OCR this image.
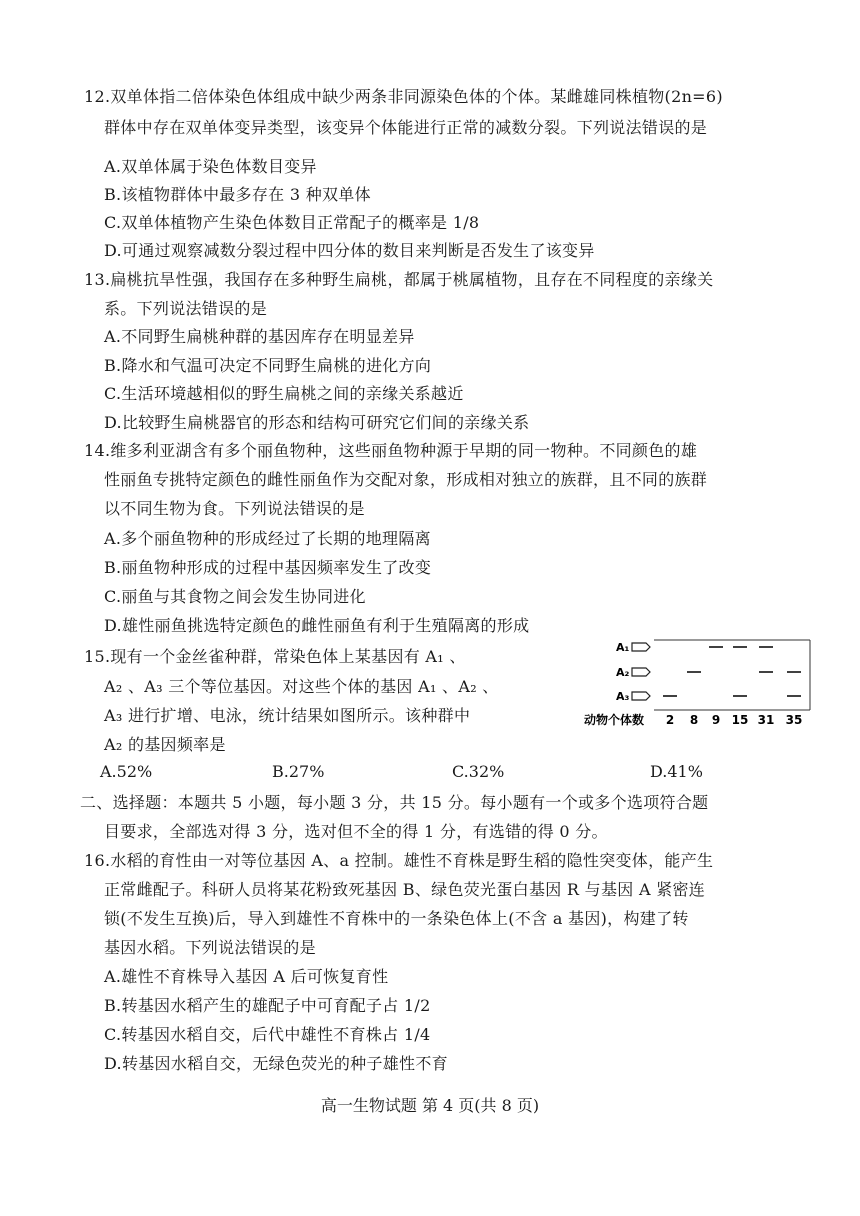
12.双单体指二倍体染色体组成中缺少两条非同源染色体的个体。某雌雄同株植物(2n=6)
群体中存在双单体变异类型，该变异个体能进行正常的减数分裂。下列说法错误的是
A.双单体属于染色体数目变异
B.该植物群体中最多存在 3 种双单体
C.双单体植物产生染色体数目正常配子的概率是 1/8
D.可通过观察减数分裂过程中四分体的数目来判断是否发生了该变异
13.扁桃抗旱性强，我国存在多种野生扁桃，都属于桃属植物，且存在不同程度的亲缘关
系。下列说法错误的是
A.不同野生扁桃种群的基因库存在明显差异
B.降水和气温可决定不同野生扁桃的进化方向
C.生活环境越相似的野生扁桃之间的亲缘关系越近
D.比较野生扁桃器官的形态和结构可研究它们间的亲缘关系
14.维多利亚湖含有多个丽鱼物种，这些丽鱼物种源于早期的同一物种。不同颜色的雄
性丽鱼专挑特定颜色的雌性丽鱼作为交配对象，形成相对独立的族群，且不同的族群
以不同生物为食。下列说法错误的是
A.多个丽鱼物种的形成经过了长期的地理隔离
B.丽鱼物种形成的过程中基因频率发生了改变
C.丽鱼与其食物之间会发生协同进化
D.雄性丽鱼挑选特定颜色的雌性丽鱼有利于生殖隔离的形成
15.现有一个金丝雀种群，常染色体上某基因有 A₁ 、
A₂ 、A₃ 三个等位基因。对这些个体的基因 A₁ 、A₂ 、
A₃ 进行扩增、电泳，统计结果如图所示。该种群中
A₂ 的基因频率是
A.52%	B.27%	C.32%	D.41%
A₁
A₂
A₃
动物个体数 2 8 9 15 31 35
二、选择题：本题共 5 小题，每小题 3 分，共 15 分。每小题有一个或多个选项符合题
目要求，全部选对得 3 分，选对但不全的得 1 分，有选错的得 0 分。
16.水稻的育性由一对等位基因 A、a 控制。雄性不育株是野生稻的隐性突变体，能产生
正常雌配子。科研人员将某花粉致死基因 B、绿色荧光蛋白基因 R 与基因 A 紧密连
锁(不发生互换)后，导入到雄性不育株中的一条染色体上(不含 a 基因)，构建了转
基因水稻。下列说法错误的是
A.雄性不育株导入基因 A 后可恢复育性
B.转基因水稻产生的雄配子中可育配子占 1/2
C.转基因水稻自交，后代中雄性不育株占 1/4
D.转基因水稻自交，无绿色荧光的种子雄性不育
高一生物试题 第 4 页(共 8 页)
